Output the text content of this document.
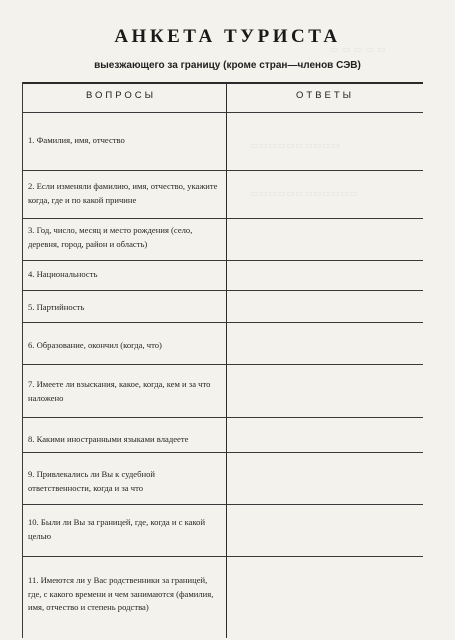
▭ ▭ ▭ ▭ ▭
▭▭▭▭▭▭▭▭▭▭
▭▭▭▭▭▭▭▭▭▭▭▭
АНКЕТА ТУРИСТА
выезжающего за границу (кроме стран—членов СЭВ)
ВОПРОСЫ	ОТВЕТЫ
1. Фамилия, имя, отчество
2. Если изменяли фамилию, имя, отчество, укажите когда, где и по какой причине
3. Год, число, месяц и место рождения (село, деревня, город, район и область)
4. Национальность
5. Партийность
6. Образование, окончил (когда, что)
7. Имеете ли взыскания, какое, когда, кем и за что наложено
8. Какими иностранными языками владеете
9. Привлекались ли Вы к судебной ответственности, когда и за что
10. Были ли Вы за границей, где, когда и с какой целью
11. Имеются ли у Вас родственники за границей, где, с какого времени и чем занимаются (фамилия, имя, отчество и степень родства)
